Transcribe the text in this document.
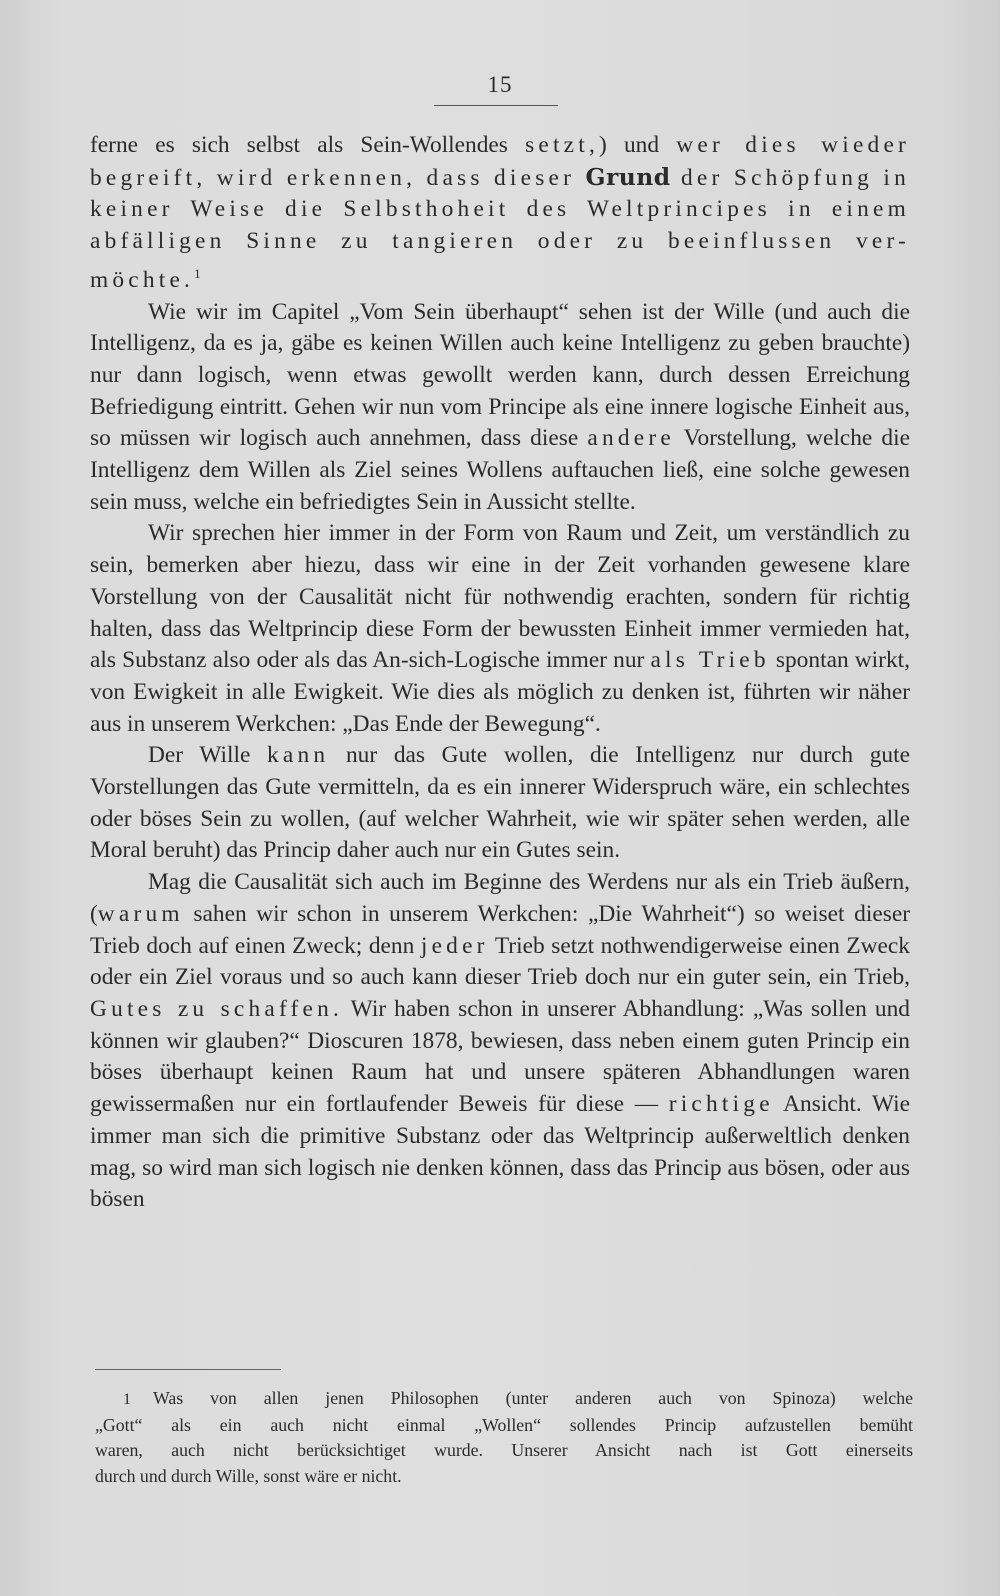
15

ferne es sich selbst als Sein-Wollendes setzt,) und wer dies wieder

begreift, wird erkennen, dass dieser Grund der Schöpfung in

keiner Weise die Selbsthoheit des Weltprincipes in einem

abfälligen Sinne zu tangieren oder zu beeinflussen ver-

möchte.$^1$

Wie wir im Capitel „Vom Sein überhaupt“ sehen ist der Wille (und auch die Intelligenz, da es ja, gäbe es keinen Willen auch keine Intelligenz zu geben brauchte) nur dann logisch, wenn etwas gewollt werden kann, durch dessen Erreichung Befriedigung eintritt. Gehen wir nun vom Principe als eine innere logische Einheit aus, so müssen wir logisch auch annehmen, dass diese andere Vorstellung, welche die Intelligenz dem Willen als Ziel seines Wollens auftauchen ließ, eine solche gewesen sein muss, welche ein befriedigtes Sein in Aussicht stellte.

Wir sprechen hier immer in der Form von Raum und Zeit, um verständlich zu sein, bemerken aber hiezu, dass wir eine in der Zeit vorhanden gewesene klare Vorstellung von der Causalität nicht für nothwendig erachten, sondern für richtig halten, dass das Weltprincip diese Form der bewussten Einheit immer vermieden hat, als Substanz also oder als das An-sich-Logische immer nur als Trieb spontan wirkt, von Ewigkeit in alle Ewigkeit. Wie dies als möglich zu denken ist, führten wir näher aus in unserem Werkchen: „Das Ende der Bewegung“.

Der Wille kann nur das Gute wollen, die Intelligenz nur durch gute Vorstellungen das Gute vermitteln, da es ein innerer Widerspruch wäre, ein schlechtes oder böses Sein zu wollen, (auf welcher Wahrheit, wie wir später sehen werden, alle Moral beruht) das Princip daher auch nur ein Gutes sein.

Mag die Causalität sich auch im Beginne des Werdens nur als ein Trieb äußern, (warum sahen wir schon in unserem Werkchen: „Die Wahrheit“) so weiset dieser Trieb doch auf einen Zweck; denn jeder Trieb setzt nothwendigerweise einen Zweck oder ein Ziel voraus und so auch kann dieser Trieb doch nur ein guter sein, ein Trieb, Gutes zu schaffen. Wir haben schon in unserer Abhandlung: „Was sollen und können wir glauben?“ Dioscuren 1878, bewiesen, dass neben einem guten Princip ein böses überhaupt keinen Raum hat und unsere späteren Abhandlungen waren gewissermaßen nur ein fortlaufender Beweis für diese — richtige Ansicht. Wie immer man sich die primitive Substanz oder das Weltprincip außerweltlich denken mag, so wird man sich logisch nie denken können, dass das Princip aus bösen, oder aus bösen

1 Was von allen jenen Philosophen (unter anderen auch von Spinoza) welche
„Gott“ als ein auch nicht einmal „Wollen“ sollendes Princip aufzustellen bemüht
waren, auch nicht berücksichtiget wurde. Unserer Ansicht nach ist Gott einerseits
durch und durch Wille, sonst wäre er nicht.
